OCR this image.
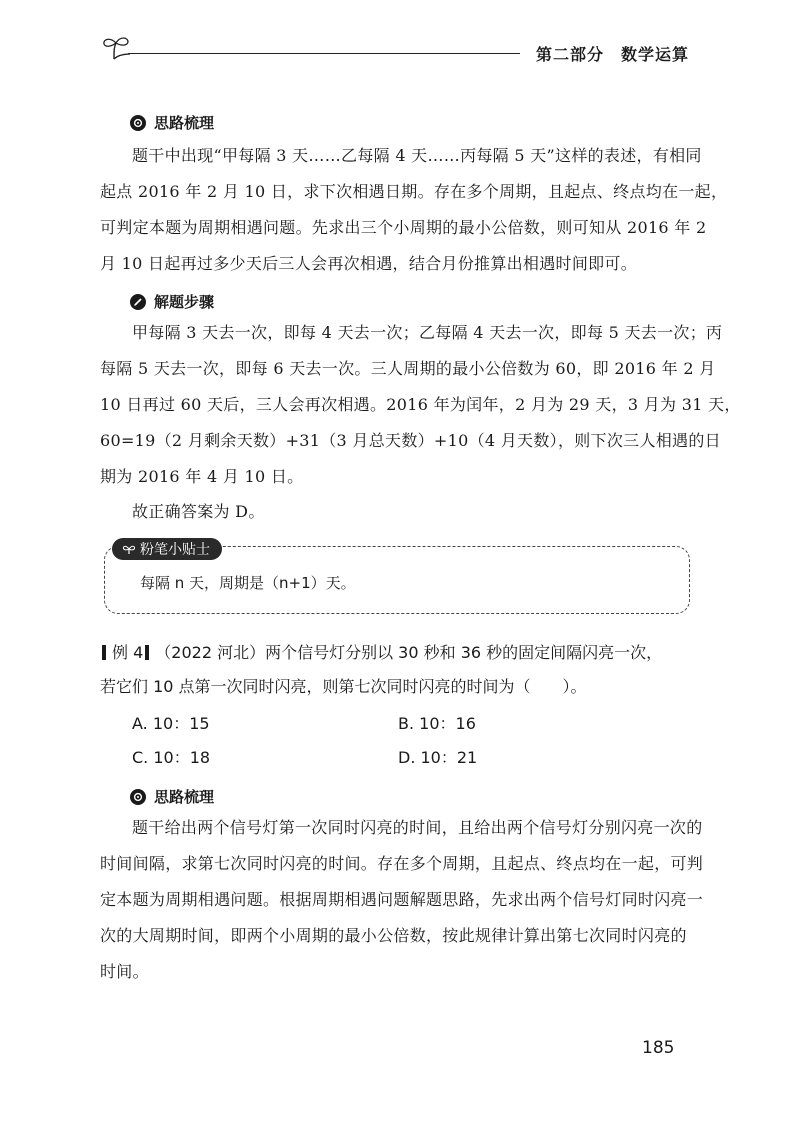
第二部分　数学运算
思路梳理
题干中出现“甲每隔 3 天……乙每隔 4 天……丙每隔 5 天”这样的表述，有相同
起点 2016 年 2 月 10 日，求下次相遇日期。存在多个周期，且起点、终点均在一起，
可判定本题为周期相遇问题。先求出三个小周期的最小公倍数，则可知从 2016 年 2
月 10 日起再过多少天后三人会再次相遇，结合月份推算出相遇时间即可。
解题步骤
甲每隔 3 天去一次，即每 4 天去一次；乙每隔 4 天去一次，即每 5 天去一次；丙
每隔 5 天去一次，即每 6 天去一次。三人周期的最小公倍数为 60，即 2016 年 2 月
10 日再过 60 天后，三人会再次相遇。2016 年为闰年，2 月为 29 天，3 月为 31 天，
60=19（2 月剩余天数）+31（3 月总天数）+10（4 月天数），则下次三人相遇的日
期为 2016 年 4 月 10 日。
故正确答案为 D。
粉笔小贴士
每隔 n 天，周期是（n+1）天。
例 4 （2022 河北）两个信号灯分别以 30 秒和 36 秒的固定间隔闪亮一次，
若它们 10 点第一次同时闪亮，则第七次同时闪亮的时间为（　　）。
A. 10：15	B. 10：16
C. 10：18	D. 10：21
思路梳理
题干给出两个信号灯第一次同时闪亮的时间，且给出两个信号灯分别闪亮一次的
时间间隔，求第七次同时闪亮的时间。存在多个周期，且起点、终点均在一起，可判
定本题为周期相遇问题。根据周期相遇问题解题思路，先求出两个信号灯同时闪亮一
次的大周期时间，即两个小周期的最小公倍数，按此规律计算出第七次同时闪亮的
时间。
185
